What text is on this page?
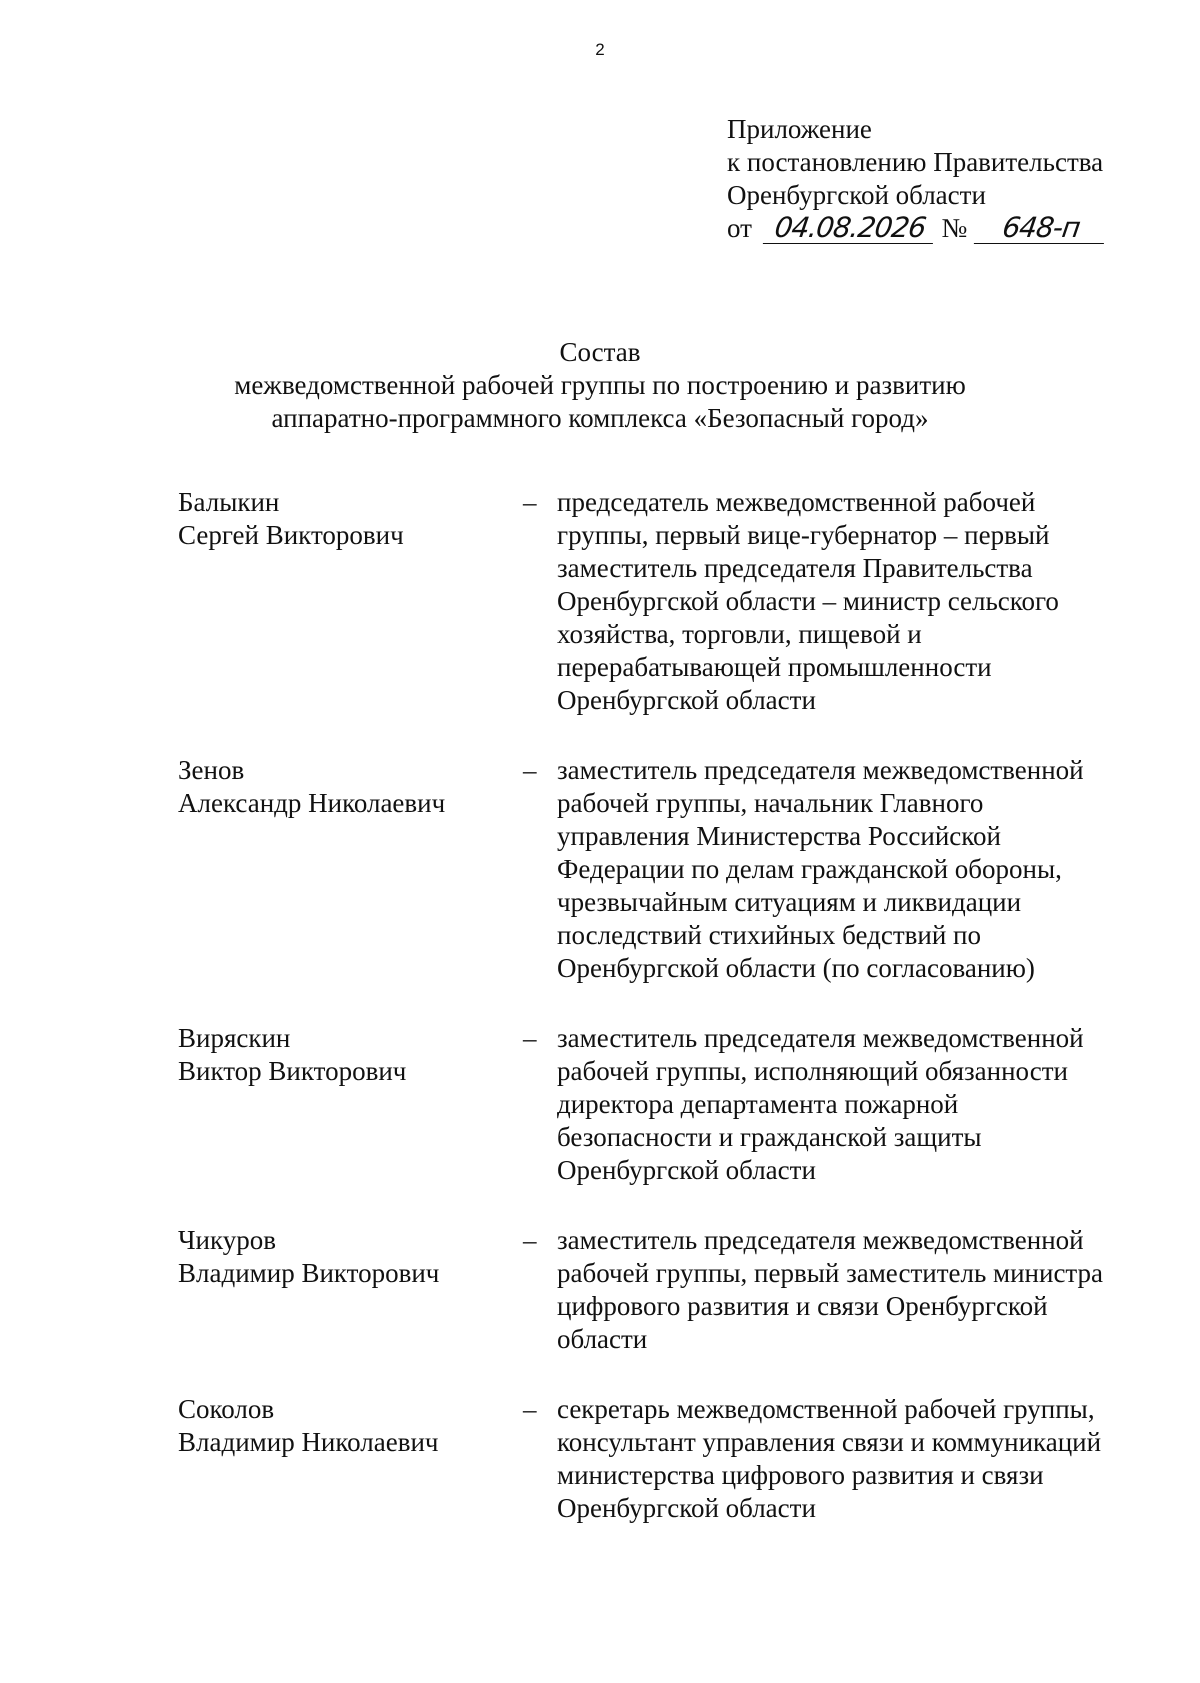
2
Приложение
к постановлению Правительства
Оренбургской области
от 04.08.2026 № 648-п
Состав
межведомственной рабочей группы по построению и развитию
аппаратно-программного комплекса «Безопасный город»
Балыкин
Сергей Викторович
– председатель межведомственной рабочей
группы, первый вице-губернатор – первый
заместитель председателя Правительства
Оренбургской области – министр сельского
хозяйства, торговли, пищевой и
перерабатывающей промышленности
Оренбургской области
Зенов
Александр Николаевич
– заместитель председателя межведомственной
рабочей группы, начальник Главного
управления Министерства Российской
Федерации по делам гражданской обороны,
чрезвычайным ситуациям и ликвидации
последствий стихийных бедствий по
Оренбургской области (по согласованию)
Виряскин
Виктор Викторович
– заместитель председателя межведомственной
рабочей группы, исполняющий обязанности
директора департамента пожарной
безопасности и гражданской защиты
Оренбургской области
Чикуров
Владимир Викторович
– заместитель председателя межведомственной
рабочей группы, первый заместитель министра
цифрового развития и связи Оренбургской
области
Соколов
Владимир Николаевич
– секретарь межведомственной рабочей группы,
консультант управления связи и коммуникаций
министерства цифрового развития и связи
Оренбургской области
